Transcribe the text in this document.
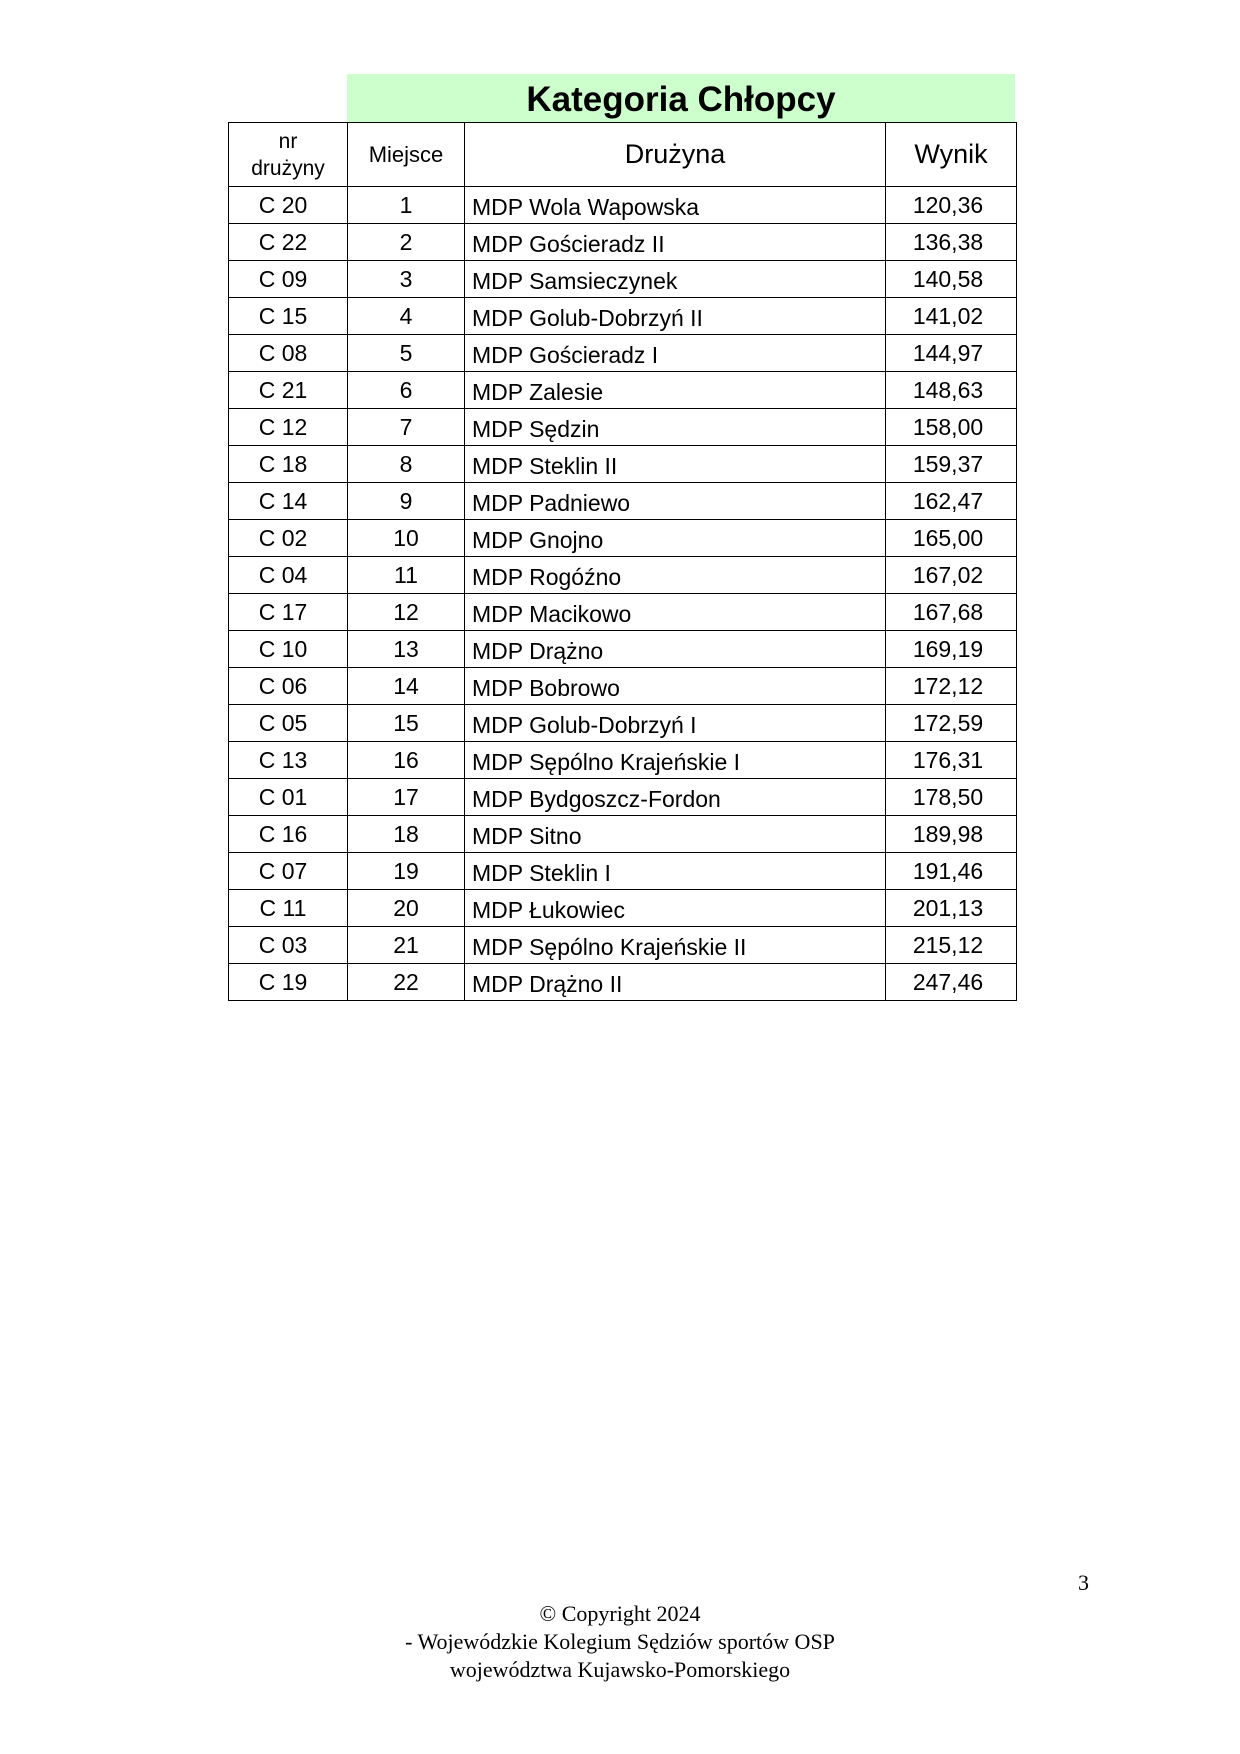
Kategoria Chłopcy
nr
drużyny	Miejsce	Drużyna	Wynik
C 20	1	MDP Wola Wapowska	120,36
C 22	2	MDP Gościeradz II	136,38
C 09	3	MDP Samsieczynek	140,58
C 15	4	MDP Golub-Dobrzyń II	141,02
C 08	5	MDP Gościeradz I	144,97
C 21	6	MDP Zalesie	148,63
C 12	7	MDP Sędzin	158,00
C 18	8	MDP Steklin II	159,37
C 14	9	MDP Padniewo	162,47
C 02	10	MDP Gnojno	165,00
C 04	11	MDP Rogóźno	167,02
C 17	12	MDP Macikowo	167,68
C 10	13	MDP Drążno	169,19
C 06	14	MDP Bobrowo	172,12
C 05	15	MDP Golub-Dobrzyń I	172,59
C 13	16	MDP Sępólno Krajeńskie I	176,31
C 01	17	MDP Bydgoszcz-Fordon	178,50
C 16	18	MDP Sitno	189,98
C 07	19	MDP Steklin I	191,46
C 11	20	MDP Łukowiec	201,13
C 03	21	MDP Sępólno Krajeńskie II	215,12
C 19	22	MDP Drążno II	247,46
3
© Copyright 2024
- Wojewódzkie Kolegium Sędziów sportów OSP
województwa Kujawsko-Pomorskiego
